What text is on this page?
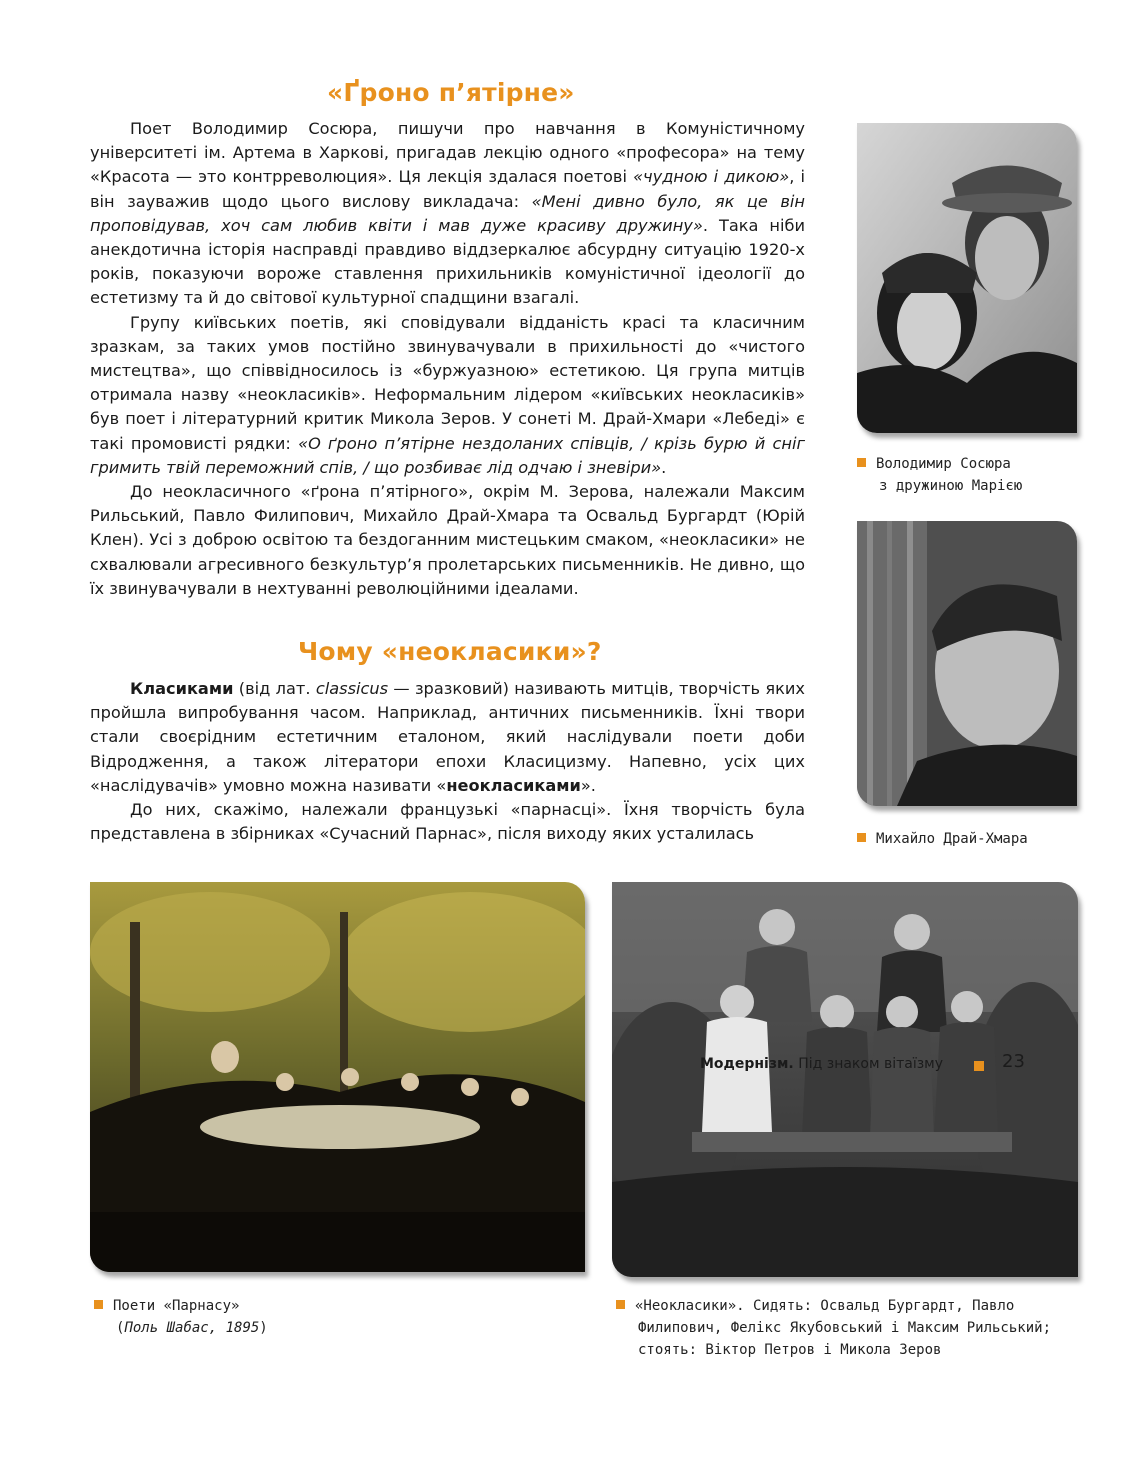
«Ґроно п’ятірне»

Поет Володимир Сосюра, пишучи про навчання в Комуністичному університеті ім. Артема в Харкові, пригадав лекцію одного «професора» на тему «Красота — это контрреволюция». Ця лекція здалася поетові «чудною і дикою», і він зауважив щодо цього вислову викладача: «Мені дивно було, як це він проповідував, хоч сам любив квіти і мав дуже красиву дружину». Така ніби анекдотична історія насправді правдиво віддзеркалює абсурдну ситуацію 1920-х років, показуючи вороже ставлення прихильників комуністичної ідеології до естетизму та й до світової культурної спадщини взагалі.

Групу київських поетів, які сповідували відданість красі та класичним зразкам, за таких умов постійно звинувачували в прихильності до «чистого мистецтва», що співвідносилось із «буржуазною» естетикою. Ця група митців отримала назву «неокласиків». Неформальним лідером «київських неокласиків» був поет і літературний критик Микола Зеров. У сонеті М. Драй-Хмари «Лебеді» є такі промовисті рядки: «О ґроно п’ятірне нездоланих співців, / крізь бурю й сніг гримить твій переможний спів, / що розбиває лід одчаю і зневіри».

До неокласичного «ґрона п’ятірного», окрім М. Зерова, належали Максим Рильський, Павло Филипович, Михайло Драй-Хмара та Освальд Бургардт (Юрій Клен). Усі з доброю освітою та бездоганним мистецьким смаком, «неокласики» не схвалювали агресивного безкультур’я пролетарських письменників. Не дивно, що їх звинувачували в нехтуванні революційними ідеалами.

Чому «неокласики»?

Класиками (від лат. classicus — зразковий) називають митців, творчість яких пройшла випробування часом. Наприклад, античних письменників. Їхні твори стали своєрідним естетичним еталоном, який наслідували поети доби Відродження, а також літератори епохи Класицизму. Напевно, усіх цих «наслідувачів» умовно можна називати «неокласиками».

До них, скажімо, належали французькі «парнасці». Їхня творчість була представлена в збірниках «Сучасний Парнас», після виходу яких усталилась

Володимир Сосюра
з дружиною Марією
Михайло Драй-Хмара
Поети «Парнасу»
(Поль Шабас, 1895)
«Неокласики». Сидять: Освальд Бургардт, Павло
Филипович, Фелікс Якубовський і Максим Рильський;
стоять: Віктор Петров і Микола Зеров
Модернізм. Під знаком вітаїзму	23
